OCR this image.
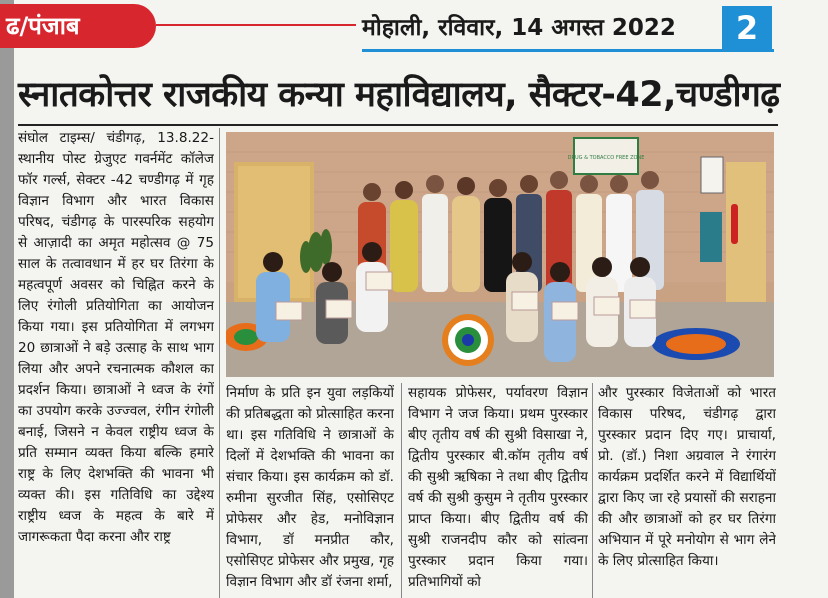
ढ/पंजाब	मोहाली, रविवार, 14 अगस्त 2022	2
स्नातकोत्तर राजकीय कन्या महाविद्यालय, सैक्टर-42,चण्डीगढ़
संघोल टाइम्स/ चंडीगढ़, 13.8.22- स्थानीय पोस्ट ग्रेजुएट गवर्नमेंट कॉलेज फॉर गर्ल्स, सेक्टर -42 चण्डीगढ़ में गृह विज्ञान विभाग और भारत विकास परिषद, चंडीगढ़ के पारस्परिक सहयोग से आज़ादी का अमृत महोत्सव @ 75 साल के तत्वावधान में हर घर तिरंगा के महत्वपूर्ण अवसर को चिह्नित करने के लिए रंगोली प्रतियोगिता का आयोजन किया गया। इस प्रतियोगिता में लगभग 20 छात्राओं ने बड़े उत्साह के साथ भाग लिया और अपने रचनात्मक कौशल का प्रदर्शन किया। छात्राओं ने ध्वज के रंगों का उपयोग करके उज्ज्वल, रंगीन रंगोली बनाई, जिसने न केवल राष्ट्रीय ध्वज के प्रति सम्मान व्यक्त किया बल्कि हमारे राष्ट्र के लिए देशभक्ति की भावना भी व्यक्त की। इस गतिविधि का उद्देश्य राष्ट्रीय ध्वज के महत्व के बारे में जागरूकता पैदा करना और राष्ट्र
DRUG & TOBACCO FREE ZONE
निर्माण के प्रति इन युवा लड़कियों की प्रतिबद्धता को प्रोत्साहित करना था। इस गतिविधि ने छात्राओं के दिलों में देशभक्ति की भावना का संचार किया। इस कार्यक्रम को डॉ. रुमीना सुरजीत सिंह, एसोसिएट प्रोफेसर और हेड, मनोविज्ञान विभाग, डॉ मनप्रीत कौर, एसोसिएट प्रोफेसर और प्रमुख, गृह विज्ञान विभाग और डॉ रंजना शर्मा,
सहायक प्रोफेसर, पर्यावरण विज्ञान विभाग ने जज किया। प्रथम पुरस्कार बीए तृतीय वर्ष की सुश्री विसाखा ने, द्वितीय पुरस्कार बी.कॉम तृतीय वर्ष की सुश्री ऋषिका ने तथा बीए द्वितीय वर्ष की सुश्री कुसुम ने तृतीय पुरस्कार प्राप्त किया। बीए द्वितीय वर्ष की सुश्री राजनदीप कौर को सांत्वना पुरस्कार प्रदान किया गया। प्रतिभागियों को
और पुरस्कार विजेताओं को भारत विकास परिषद, चंडीगढ़ द्वारा पुरस्कार प्रदान दिए गए। प्राचार्या, प्रो. (डॉ.) निशा अग्रवाल ने रंगारंग कार्यक्रम प्रदर्शित करने में विद्यार्थियों द्वारा किए जा रहे प्रयासों की सराहना की और छात्राओं को हर घर तिरंगा अभियान में पूरे मनोयोग से भाग लेने के लिए प्रोत्साहित किया।
